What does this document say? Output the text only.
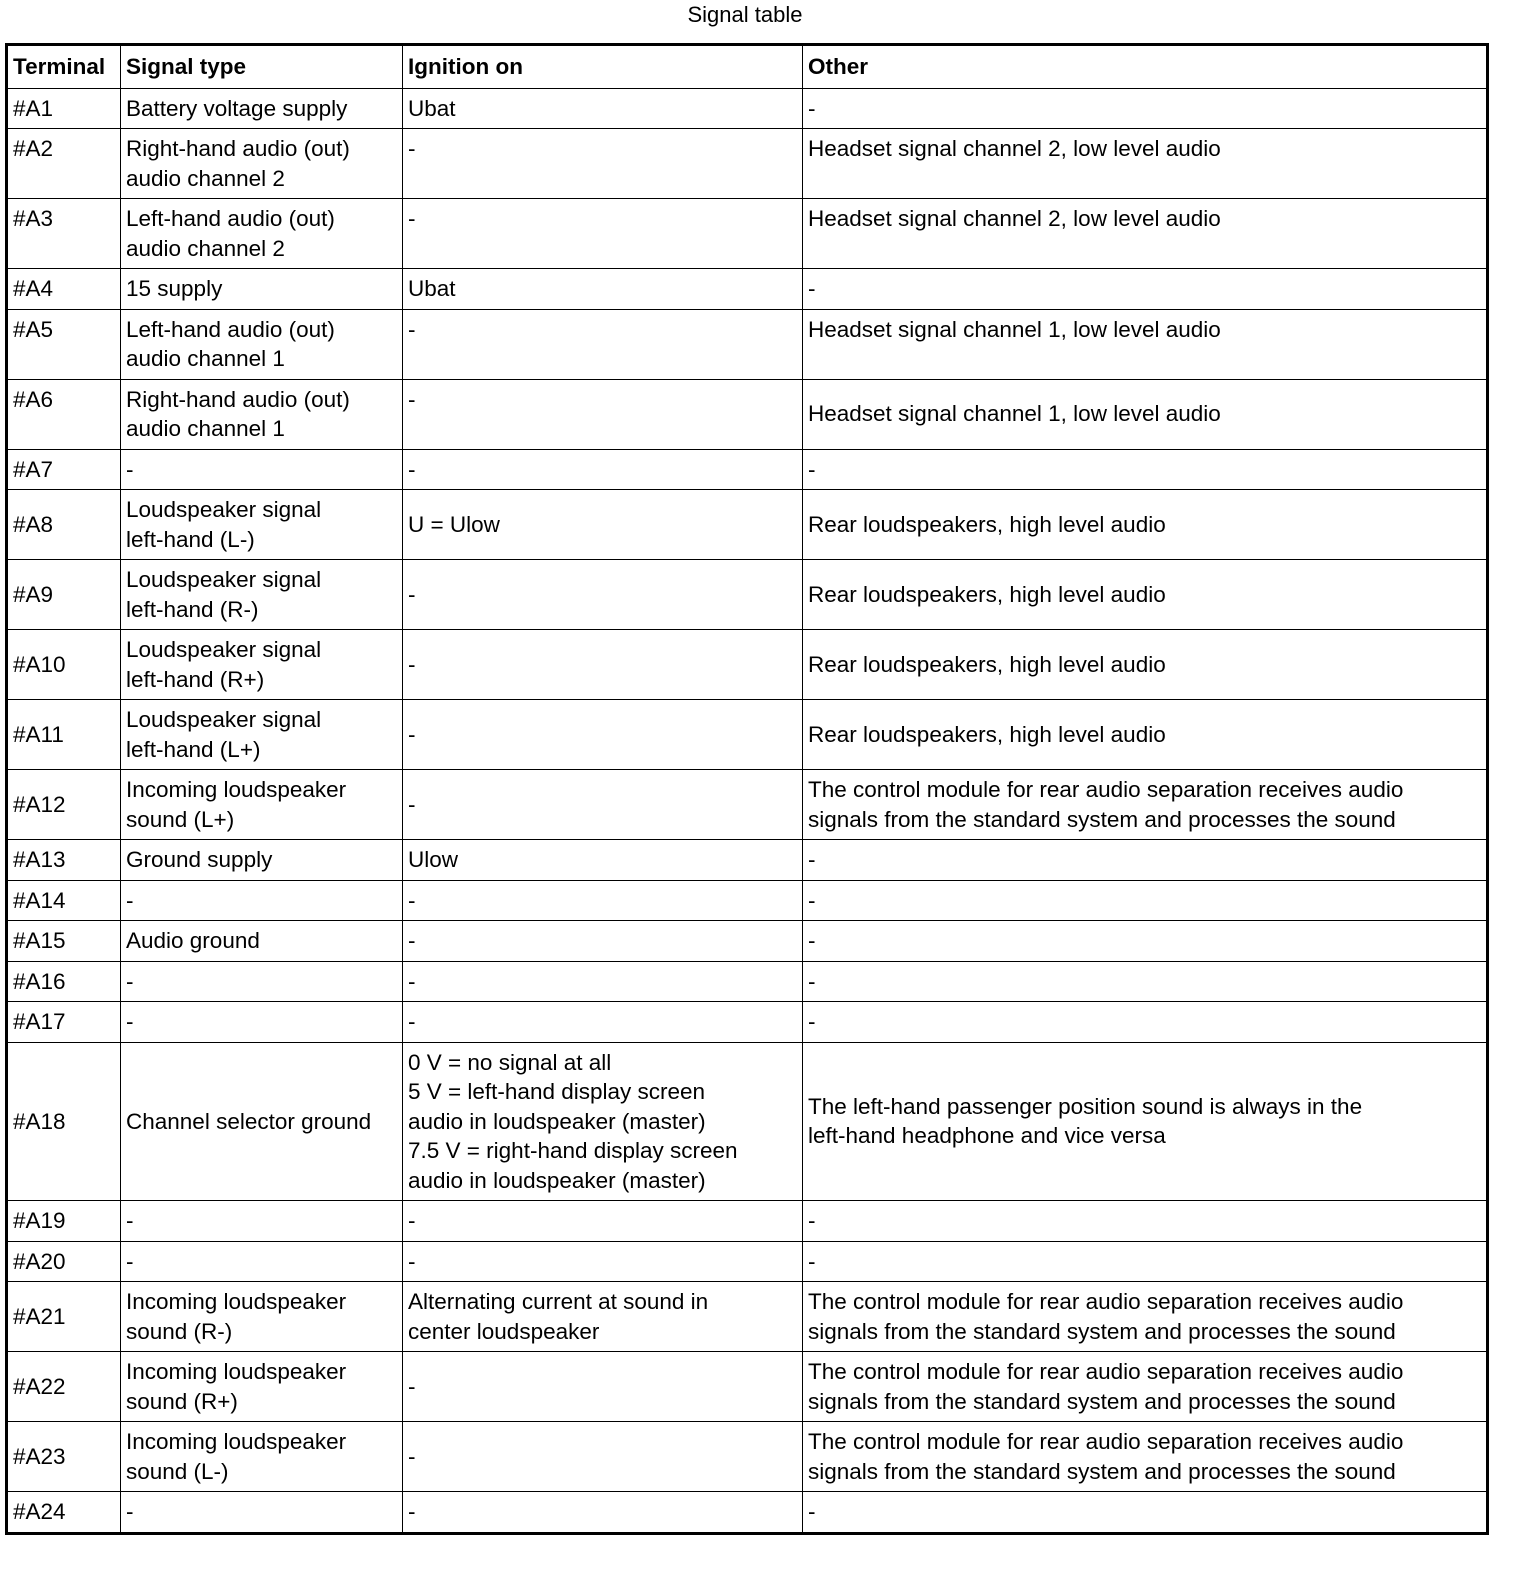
Signal table
Terminal	Signal type	Ignition on	Other
#A1	Battery voltage supply	Ubat	-
#A2	Right-hand audio (out)
audio channel 2	-	Headset signal channel 2, low level audio
#A3	Left-hand audio (out)
audio channel 2	-	Headset signal channel 2, low level audio
#A4	15 supply	Ubat	-
#A5	Left-hand audio (out)
audio channel 1	-	Headset signal channel 1, low level audio
#A6	Right-hand audio (out)
audio channel 1	-	Headset signal channel 1, low level audio
#A7	-	-	-
#A8	Loudspeaker signal
left-hand (L-)	U = Ulow	Rear loudspeakers, high level audio
#A9	Loudspeaker signal
left-hand (R-)	-	Rear loudspeakers, high level audio
#A10	Loudspeaker signal
left-hand (R+)	-	Rear loudspeakers, high level audio
#A11	Loudspeaker signal
left-hand (L+)	-	Rear loudspeakers, high level audio
#A12	Incoming loudspeaker
sound (L+)	-	The control module for rear audio separation receives audio
signals from the standard system and processes the sound
#A13	Ground supply	Ulow	-
#A14	-	-	-
#A15	Audio ground	-	-
#A16	-	-	-
#A17	-	-	-
#A18	Channel selector ground	0 V = no signal at all
5 V = left-hand display screen
audio in loudspeaker (master)
7.5 V = right-hand display screen
audio in loudspeaker (master)	The left-hand passenger position sound is always in the
left-hand headphone and vice versa
#A19	-	-	-
#A20	-	-	-
#A21	Incoming loudspeaker
sound (R-)	Alternating current at sound in
center loudspeaker	The control module for rear audio separation receives audio
signals from the standard system and processes the sound
#A22	Incoming loudspeaker
sound (R+)	-	The control module for rear audio separation receives audio
signals from the standard system and processes the sound
#A23	Incoming loudspeaker
sound (L-)	-	The control module for rear audio separation receives audio
signals from the standard system and processes the sound
#A24	-	-	-
